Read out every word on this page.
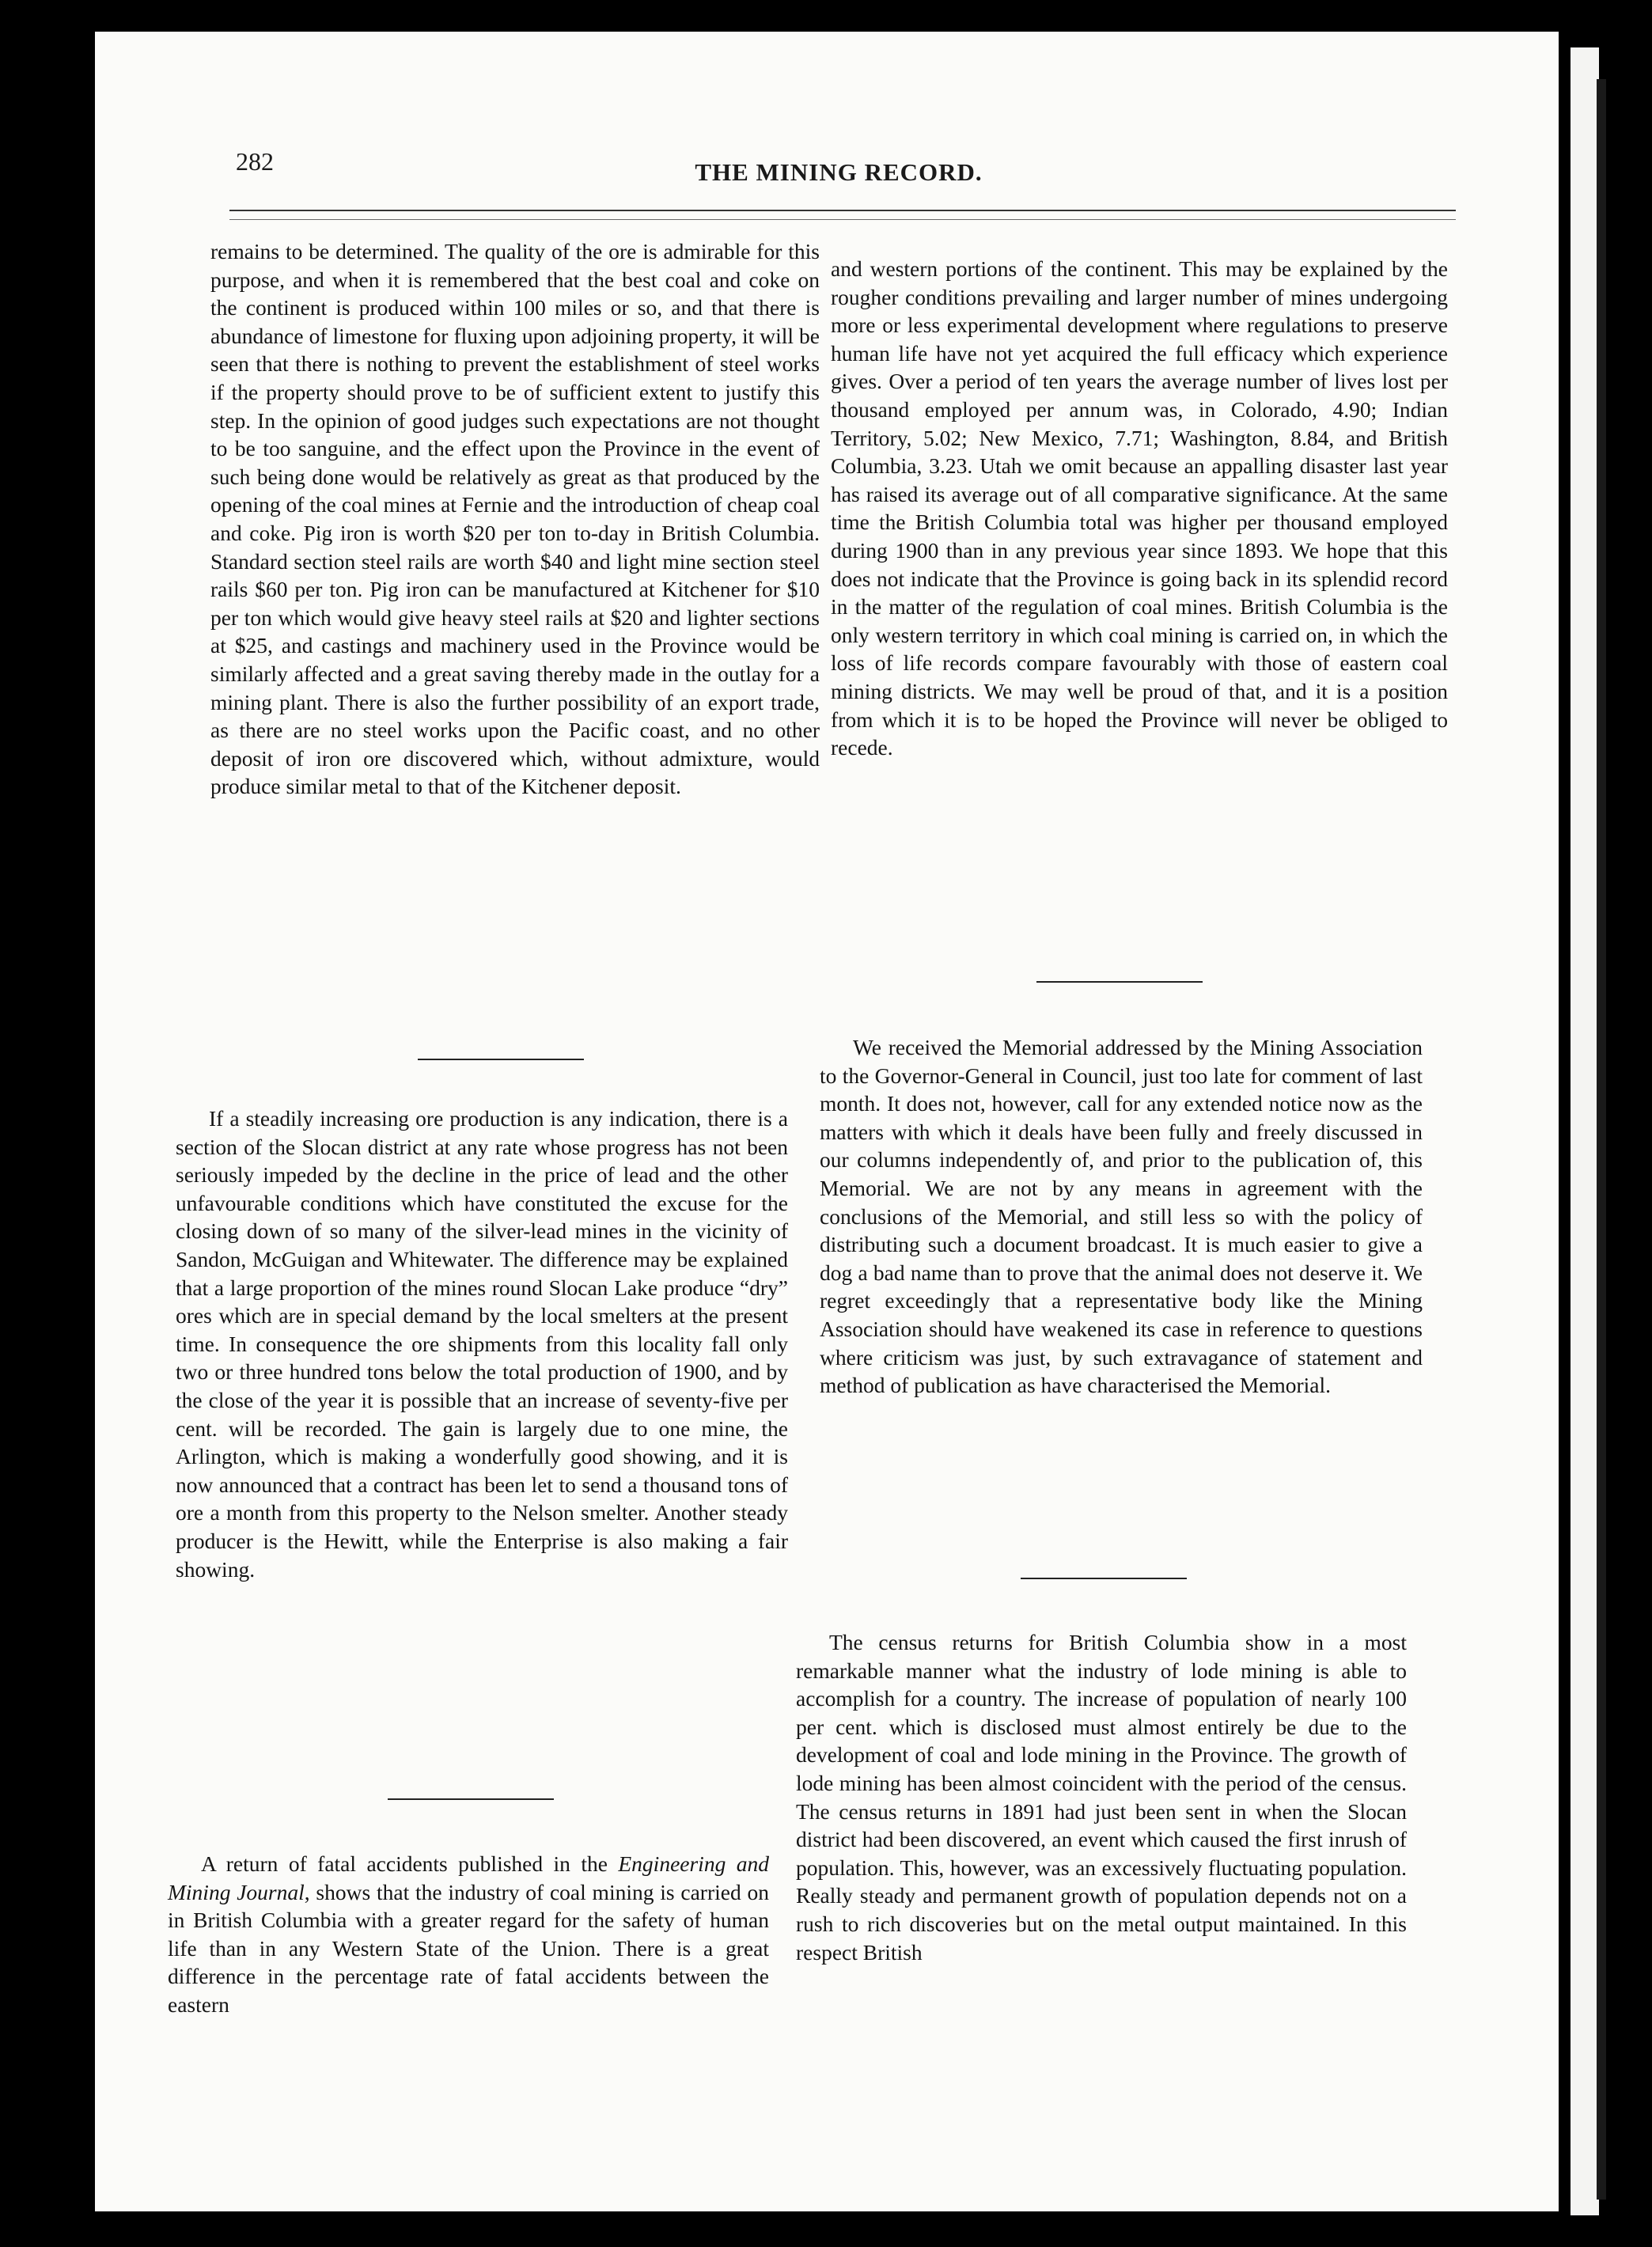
282	THE MINING RECORD.

remains to be determined. The quality of the ore is admirable for this purpose, and when it is remembered that the best coal and coke on the continent is produced within 100 miles or so, and that there is abundance of limestone for fluxing upon adjoining property, it will be seen that there is nothing to prevent the establishment of steel works if the property should prove to be of sufficient extent to justify this step. In the opinion of good judges such expectations are not thought to be too sanguine, and the effect upon the Province in the event of such being done would be relatively as great as that produced by the opening of the coal mines at Fernie and the introduction of cheap coal and coke. Pig iron is worth $20 per ton to-day in British Columbia. Standard section steel rails are worth $40 and light mine section steel rails $60 per ton. Pig iron can be manufactured at Kitchener for $10 per ton which would give heavy steel rails at $20 and lighter sections at $25, and castings and machinery used in the Province would be similarly affected and a great saving thereby made in the outlay for a mining plant. There is also the further possibility of an export trade, as there are no steel works upon the Pacific coast, and no other deposit of iron ore discovered which, without admixture, would produce similar metal to that of the Kitchener deposit.

If a steadily increasing ore production is any indication, there is a section of the Slocan district at any rate whose progress has not been seriously impeded by the decline in the price of lead and the other unfavourable conditions which have constituted the excuse for the closing down of so many of the silver-lead mines in the vicinity of Sandon, McGuigan and Whitewater. The difference may be explained that a large proportion of the mines round Slocan Lake produce “dry” ores which are in special demand by the local smelters at the present time. In consequence the ore shipments from this locality fall only two or three hundred tons below the total production of 1900, and by the close of the year it is possible that an increase of seventy-five per cent. will be recorded. The gain is largely due to one mine, the Arlington, which is making a wonderfully good showing, and it is now announced that a contract has been let to send a thousand tons of ore a month from this property to the Nelson smelter. Another steady producer is the Hewitt, while the Enterprise is also making a fair showing.

A return of fatal accidents published in the Engineering and Mining Journal, shows that the industry of coal mining is carried on in British Columbia with a greater regard for the safety of human life than in any Western State of the Union. There is a great difference in the percentage rate of fatal accidents between the eastern

and western portions of the continent. This may be explained by the rougher conditions prevailing and larger number of mines undergoing more or less experimental development where regulations to preserve human life have not yet acquired the full efficacy which experience gives. Over a period of ten years the average number of lives lost per thousand employed per annum was, in Colorado, 4.90; Indian Territory, 5.02; New Mexico, 7.71; Washington, 8.84, and British Columbia, 3.23. Utah we omit because an appalling disaster last year has raised its average out of all comparative significance. At the same time the British Columbia total was higher per thousand employed during 1900 than in any previous year since 1893. We hope that this does not indicate that the Province is going back in its splendid record in the matter of the regulation of coal mines. British Columbia is the only western territory in which coal mining is carried on, in which the loss of life records compare favourably with those of eastern coal mining districts. We may well be proud of that, and it is a position from which it is to be hoped the Province will never be obliged to recede.

We received the Memorial addressed by the Mining Association to the Governor-General in Council, just too late for comment of last month. It does not, however, call for any extended notice now as the matters with which it deals have been fully and freely discussed in our columns independently of, and prior to the publication of, this Memorial. We are not by any means in agreement with the conclusions of the Memorial, and still less so with the policy of distributing such a document broadcast. It is much easier to give a dog a bad name than to prove that the animal does not deserve it. We regret exceedingly that a representative body like the Mining Association should have weakened its case in reference to questions where criticism was just, by such extravagance of statement and method of publication as have characterised the Memorial.

The census returns for British Columbia show in a most remarkable manner what the industry of lode mining is able to accomplish for a country. The increase of population of nearly 100 per cent. which is disclosed must almost entirely be due to the development of coal and lode mining in the Province. The growth of lode mining has been almost coincident with the period of the census. The census returns in 1891 had just been sent in when the Slocan district had been discovered, an event which caused the first inrush of population. This, however, was an excessively fluctuating population. Really steady and permanent growth of population depends not on a rush to rich discoveries but on the metal output maintained. In this respect British
